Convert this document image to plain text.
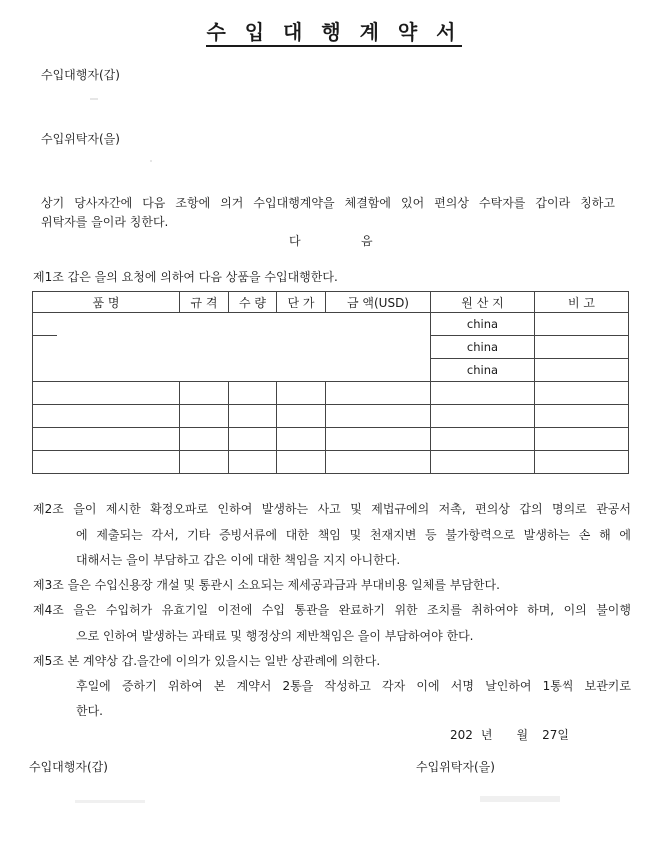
수 입 대 행 계 약 서
수입대행자(갑)
수입위탁자(을)
상기 당사자간에 다음 조항에 의거 수입대행계약을 체결함에 있어 편의상 수탁자를 갑이라 칭하고
위탁자를 을이라 칭한다.
다	음
제1조 갑은 을의 요청에 의하여 다음 상품을 수입대행한다.
품 명	규 격	수 량	단 가	금 액(USD)	원 산 지	비 고

					china	
					china	
					china	

제2조 을이 제시한 확정오파로 인하여 발생하는 사고 및 제법규에의 저촉, 편의상 갑의 명의로 관공서
에 제출되는 각서, 기타 증빙서류에 대한 책임 및 천재지변 등 불가항력으로 발생하는 손 해 에
대해서는 을이 부담하고 갑은 이에 대한 책임을 지지 아니한다.
제3조 을은 수입신용장 개설 및 통관시 소요되는 제세공과금과 부대비용 일체를 부담한다.
제4조 을은 수입허가 유효기일 이전에 수입 통관을 완료하기 위한 조치를 취하여야 하며, 이의 불이행
으로 인하여 발생하는 과태료 및 행정상의 제반책임은 을이 부담하여야 한다.
제5조 본 계약상 갑.을간에 이의가 있을시는 일반 상관례에 의한다.
후일에 증하기 위하여 본 계약서 2통을 작성하고 각자 이에 서명 날인하여 1통씩 보관키로
한다.
202 년 월 27일
수입대행자(갑)	수입위탁자(을)
